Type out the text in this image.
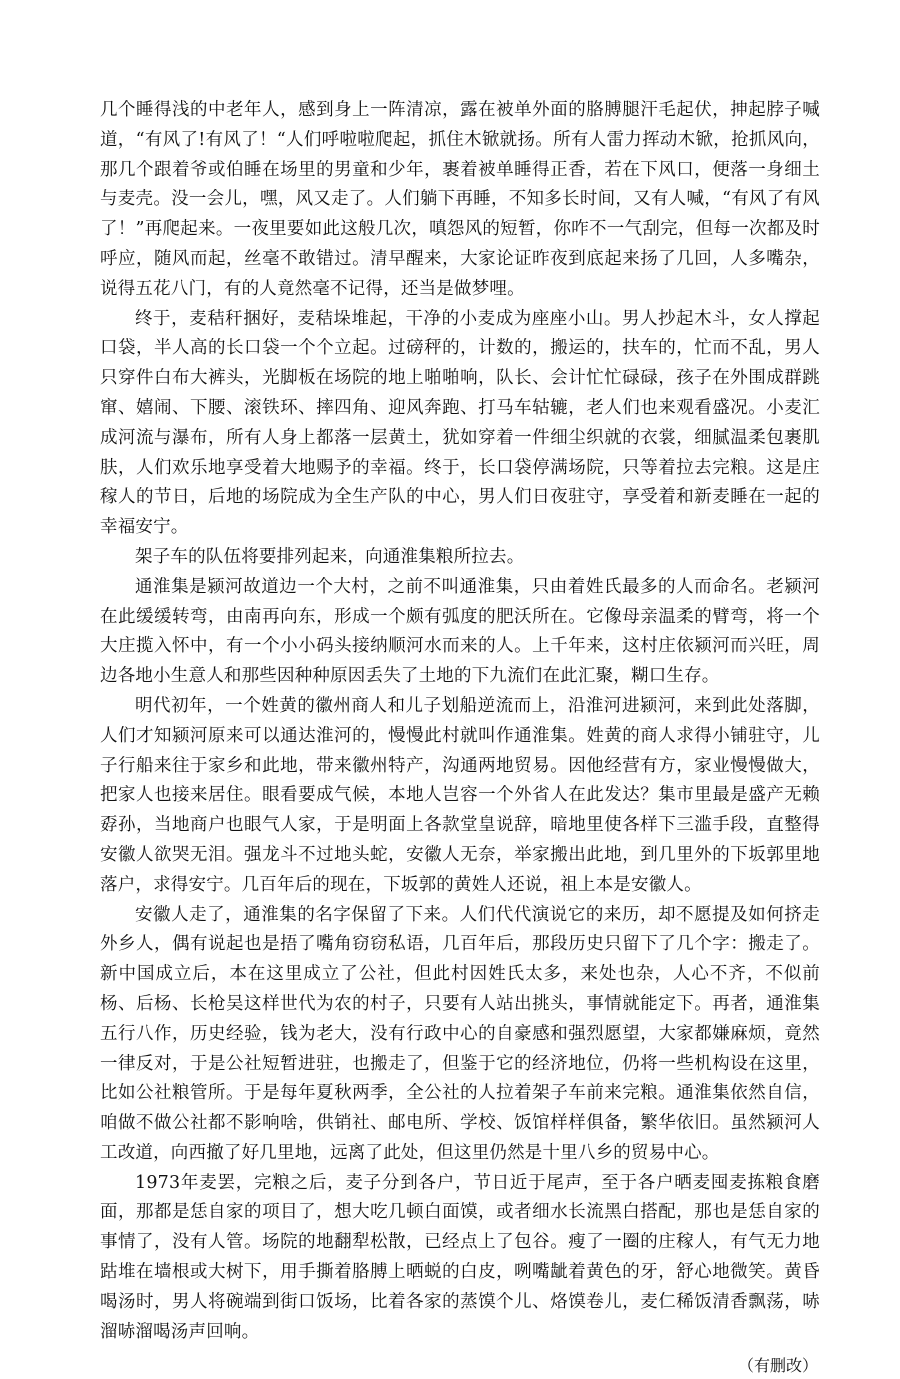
几个睡得浅的中老年人，感到身上一阵清凉，露在被单外面的胳膊腿汗毛起伏，抻起脖子喊道，“有风了!有风了！“人们呼啦啦爬起，抓住木锨就扬。所有人雷力挥动木锨，抢抓风向，那几个跟着爷或伯睡在场里的男童和少年，裹着被单睡得正香，若在下风口，便落一身细土与麦壳。没一会儿，嘿，风又走了。人们躺下再睡，不知多长时间，又有人喊，“有风了有风了！”再爬起来。一夜里要如此这般几次，嗔怨风的短暂，你咋不一气刮完，但每一次都及时呼应，随风而起，丝毫不敢错过。清早醒来，大家论证昨夜到底起来扬了几回，人多嘴杂，说得五花八门，有的人竟然毫不记得，还当是做梦哩。

终于，麦秸秆捆好，麦秸垛堆起，干净的小麦成为座座小山。男人抄起木斗，女人撑起口袋，半人高的长口袋一个个立起。过磅秤的，计数的，搬运的，扶车的，忙而不乱，男人只穿件白布大裤头，光脚板在场院的地上啪啪响，队长、会计忙忙碌碌，孩子在外围成群跳窜、嬉闹、下腰、滚铁环、摔四角、迎风奔跑、打马车轱辘，老人们也来观看盛况。小麦汇成河流与瀑布，所有人身上都落一层黄土，犹如穿着一件细尘织就的衣裳，细腻温柔包裹肌肤，人们欢乐地享受着大地赐予的幸福。终于，长口袋停满场院，只等着拉去完粮。这是庄稼人的节日，后地的场院成为全生产队的中心，男人们日夜驻守，享受着和新麦睡在一起的幸福安宁。

架子车的队伍将要排列起来，向通淮集粮所拉去。

通淮集是颍河故道边一个大村，之前不叫通淮集，只由着姓氏最多的人而命名。老颍河在此缓缓转弯，由南再向东，形成一个颇有弧度的肥沃所在。它像母亲温柔的臂弯，将一个大庄揽入怀中，有一个小小码头接纳顺河水而来的人。上千年来，这村庄依颍河而兴旺，周边各地小生意人和那些因种种原因丢失了土地的下九流们在此汇聚，糊口生存。

明代初年，一个姓黄的徽州商人和儿子划船逆流而上，沿淮河进颍河，来到此处落脚，人们才知颍河原来可以通达淮河的，慢慢此村就叫作通淮集。姓黄的商人求得小铺驻守，儿子行船来往于家乡和此地，带来徽州特产，沟通两地贸易。因他经营有方，家业慢慢做大，把家人也接来居住。眼看要成气候，本地人岂容一个外省人在此发达？集市里最是盛产无赖孬孙，当地商户也眼气人家，于是明面上各款堂皇说辞，暗地里使各样下三滥手段，直整得安徽人欲哭无泪。强龙斗不过地头蛇，安徽人无奈，举家搬出此地，到几里外的下坂郭里地落户，求得安宁。几百年后的现在，下坂郭的黄姓人还说，祖上本是安徽人。

安徽人走了，通淮集的名字保留了下来。人们代代演说它的来历，却不愿提及如何挤走外乡人，偶有说起也是捂了嘴角窃窃私语，几百年后，那段历史只留下了几个字：搬走了。新中国成立后，本在这里成立了公社，但此村因姓氏太多，来处也杂，人心不齐，不似前杨、后杨、长枪吴这样世代为农的村子，只要有人站出挑头，事情就能定下。再者，通淮集五行八作，历史经验，钱为老大，没有行政中心的自豪感和强烈愿望，大家都嫌麻烦，竟然一律反对，于是公社短暂进驻，也搬走了，但鉴于它的经济地位，仍将一些机构设在这里，比如公社粮管所。于是每年夏秋两季，全公社的人拉着架子车前来完粮。通淮集依然自信，咱做不做公社都不影响啥，供销社、邮电所、学校、饭馆样样俱备，繁华依旧。虽然颍河人工改道，向西撤了好几里地，远离了此处，但这里仍然是十里八乡的贸易中心。

1973年麦罢，完粮之后，麦子分到各户，节日近于尾声，至于各户晒麦囤麦拣粮食磨面，那都是恁自家的项目了，想大吃几顿白面馍，或者细水长流黑白搭配，那也是恁自家的事情了，没有人管。场院的地翻犁松散，已经点上了包谷。瘦了一圈的庄稼人，有气无力地跍堆在墙根或大树下，用手撕着胳膊上晒蜕的白皮，咧嘴龇着黄色的牙，舒心地微笑。黄昏喝汤时，男人将碗端到街口饭场，比着各家的蒸馍个儿、烙馍卷儿，麦仁稀饭清香飘荡，哧溜哧溜喝汤声回响。

（有删改）
